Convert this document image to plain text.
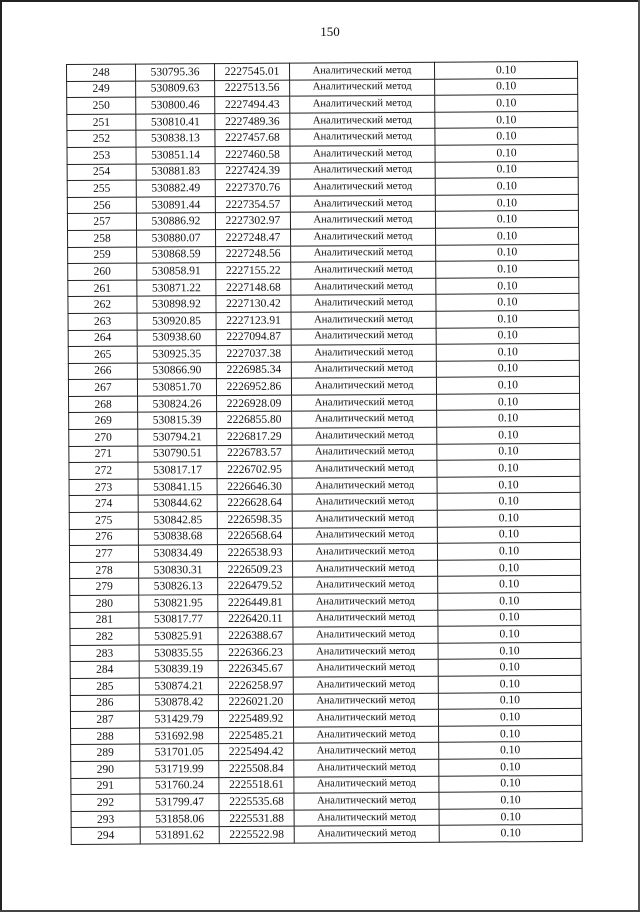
150
248	530795.36	2227545.01	Аналитический метод	0.10
249	530809.63	2227513.56	Аналитический метод	0.10
250	530800.46	2227494.43	Аналитический метод	0.10
251	530810.41	2227489.36	Аналитический метод	0.10
252	530838.13	2227457.68	Аналитический метод	0.10
253	530851.14	2227460.58	Аналитический метод	0.10
254	530881.83	2227424.39	Аналитический метод	0.10
255	530882.49	2227370.76	Аналитический метод	0.10
256	530891.44	2227354.57	Аналитический метод	0.10
257	530886.92	2227302.97	Аналитический метод	0.10
258	530880.07	2227248.47	Аналитический метод	0.10
259	530868.59	2227248.56	Аналитический метод	0.10
260	530858.91	2227155.22	Аналитический метод	0.10
261	530871.22	2227148.68	Аналитический метод	0.10
262	530898.92	2227130.42	Аналитический метод	0.10
263	530920.85	2227123.91	Аналитический метод	0.10
264	530938.60	2227094.87	Аналитический метод	0.10
265	530925.35	2227037.38	Аналитический метод	0.10
266	530866.90	2226985.34	Аналитический метод	0.10
267	530851.70	2226952.86	Аналитический метод	0.10
268	530824.26	2226928.09	Аналитический метод	0.10
269	530815.39	2226855.80	Аналитический метод	0.10
270	530794.21	2226817.29	Аналитический метод	0.10
271	530790.51	2226783.57	Аналитический метод	0.10
272	530817.17	2226702.95	Аналитический метод	0.10
273	530841.15	2226646.30	Аналитический метод	0.10
274	530844.62	2226628.64	Аналитический метод	0.10
275	530842.85	2226598.35	Аналитический метод	0.10
276	530838.68	2226568.64	Аналитический метод	0.10
277	530834.49	2226538.93	Аналитический метод	0.10
278	530830.31	2226509.23	Аналитический метод	0.10
279	530826.13	2226479.52	Аналитический метод	0.10
280	530821.95	2226449.81	Аналитический метод	0.10
281	530817.77	2226420.11	Аналитический метод	0.10
282	530825.91	2226388.67	Аналитический метод	0.10
283	530835.55	2226366.23	Аналитический метод	0.10
284	530839.19	2226345.67	Аналитический метод	0.10
285	530874.21	2226258.97	Аналитический метод	0.10
286	530878.42	2226021.20	Аналитический метод	0.10
287	531429.79	2225489.92	Аналитический метод	0.10
288	531692.98	2225485.21	Аналитический метод	0.10
289	531701.05	2225494.42	Аналитический метод	0.10
290	531719.99	2225508.84	Аналитический метод	0.10
291	531760.24	2225518.61	Аналитический метод	0.10
292	531799.47	2225535.68	Аналитический метод	0.10
293	531858.06	2225531.88	Аналитический метод	0.10
294	531891.62	2225522.98	Аналитический метод	0.10
